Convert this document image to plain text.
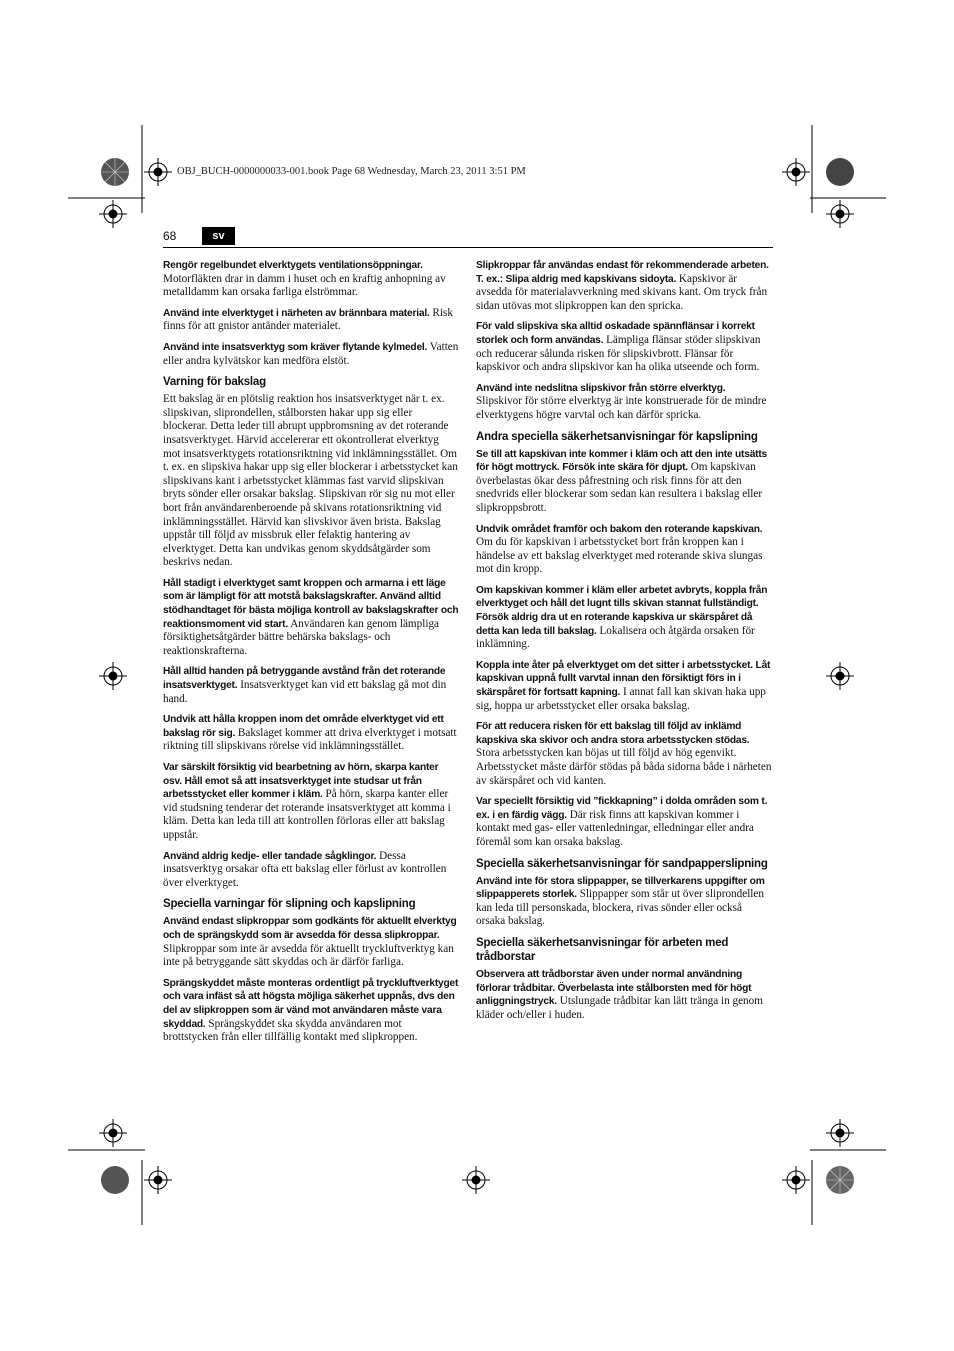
OBJ_BUCH-0000000033-001.book Page 68 Wednesday, March 23, 2011 3:51 PM
68	sv

Rengör regelbundet elverktygets ventilationsöppningar. Motorfläkten drar in damm i huset och en kraftig anhopning av metalldamm kan orsaka farliga elströmmar.

Använd inte elverktyget i närheten av brännbara material. Risk finns för att gnistor antänder materialet.

Använd inte insatsverktyg som kräver flytande kylmedel. Vatten eller andra kylvätskor kan medföra elstöt.

Varning för bakslag

Ett bakslag är en plötslig reaktion hos insatsverktyget när t. ex. slipskivan, sliprondellen, stålborsten hakar upp sig eller blockerar. Detta leder till abrupt uppbromsning av det roterande insatsverktyget. Härvid accelererar ett okontrollerat elverktyg mot insatsverktygets rotationsriktning vid inklämningsstället. Om t. ex. en slipskiva hakar upp sig eller blockerar i arbetsstycket kan slipskivans kant i arbetsstycket klämmas fast varvid slipskivan bryts sönder eller orsakar bakslag. Slipskivan rör sig nu mot eller bort från användarenberoende på skivans rotationsriktning vid inklämningsstället. Härvid kan slivskivor även brista. Bakslag uppstår till följd av missbruk eller felaktig hantering av elverktyget. Detta kan undvikas genom skyddsåtgärder som beskrivs nedan.

Håll stadigt i elverktyget samt kroppen och armarna i ett läge som är lämpligt för att motstå bakslagskrafter. Använd alltid stödhandtaget för bästa möjliga kontroll av bakslagskrafter och reaktionsmoment vid start. Användaren kan genom lämpliga försiktighetsåtgärder bättre behärska bakslags- och reaktionskrafterna.

Håll alltid handen på betryggande avstånd från det roterande insatsverktyget. Insatsverktyget kan vid ett bakslag gå mot din hand.

Undvik att hålla kroppen inom det område elverktyget vid ett bakslag rör sig. Bakslaget kommer att driva elverktyget i motsatt riktning till slipskivans rörelse vid inklämningsstället.

Var särskilt försiktig vid bearbetning av hörn, skarpa kanter osv. Håll emot så att insatsverktyget inte studsar ut från arbetsstycket eller kommer i kläm. På hörn, skarpa kanter eller vid studsning tenderar det roterande insatsverktyget att komma i kläm. Detta kan leda till att kontrollen förloras eller att bakslag uppstår.

Använd aldrig kedje- eller tandade sågklingor. Dessa insatsverktyg orsakar ofta ett bakslag eller förlust av kontrollen över elverktyget.

Speciella varningar för slipning och kapslipning

Använd endast slipkroppar som godkänts för aktuellt elverktyg och de sprängskydd som är avsedda för dessa slipkroppar. Slipkroppar som inte är avsedda för aktuellt tryckluftverktyg kan inte på betryggande sätt skyddas och är därför farliga.

Sprängskyddet måste monteras ordentligt på tryckluftverktyget och vara infäst så att högsta möjliga säkerhet uppnås, dvs den del av slipkroppen som är vänd mot användaren måste vara skyddad. Sprängskyddet ska skydda användaren mot brottstycken från eller tillfällig kontakt med slipkroppen.

Slipkroppar får användas endast för rekommenderade arbeten. T. ex.: Slipa aldrig med kapskivans sidoyta. Kapskivor är avsedda för materialavverkning med skivans kant. Om tryck från sidan utövas mot slipkroppen kan den spricka.

För vald slipskiva ska alltid oskadade spännflänsar i korrekt storlek och form användas. Lämpliga flänsar stöder slipskivan och reducerar sålunda risken för slipskivbrott. Flänsar för kapskivor och andra slipskivor kan ha olika utseende och form.

Använd inte nedslitna slipskivor från större elverktyg. Slipskivor för större elverktyg är inte konstruerade för de mindre elverktygens högre varvtal och kan därför spricka.

Andra speciella säkerhetsanvisningar för kapslipning

Se till att kapskivan inte kommer i kläm och att den inte utsätts för högt mottryck. Försök inte skära för djupt. Om kapskivan överbelastas ökar dess påfrestning och risk finns för att den snedvrids eller blockerar som sedan kan resultera i bakslag eller slipkroppsbrott.

Undvik området framför och bakom den roterande kapskivan. Om du för kapskivan i arbetsstycket bort från kroppen kan i händelse av ett bakslag elverktyget med roterande skiva slungas mot din kropp.

Om kapskivan kommer i kläm eller arbetet avbryts, koppla från elverktyget och håll det lugnt tills skivan stannat fullständigt. Försök aldrig dra ut en roterande kapskiva ur skärspåret då detta kan leda till bakslag. Lokalisera och åtgärda orsaken för inklämning.

Koppla inte åter på elverktyget om det sitter i arbetsstycket. Låt kapskivan uppnå fullt varvtal innan den försiktigt förs in i skärspåret för fortsatt kapning. I annat fall kan skivan haka upp sig, hoppa ur arbetsstycket eller orsaka bakslag.

För att reducera risken för ett bakslag till följd av inklämd kapskiva ska skivor och andra stora arbetsstycken stödas. Stora arbetsstycken kan böjas ut till följd av hög egenvikt. Arbetsstycket måste därför stödas på båda sidorna både i närheten av skärspåret och vid kanten.

Var speciellt försiktig vid ”fickkapning” i dolda områden som t. ex. i en färdig vägg. Där risk finns att kapskivan kommer i kontakt med gas- eller vattenledningar, elledningar eller andra föremål som kan orsaka bakslag.

Speciella säkerhetsanvisningar för sandpapperslipning

Använd inte för stora slippapper, se tillverkarens uppgifter om slippapperets storlek. Slippapper som står ut över sliprondellen kan leda till personskada, blockera, rivas sönder eller också orsaka bakslag.

Speciella säkerhetsanvisningar för arbeten med trådborstar

Observera att trådborstar även under normal användning förlorar trådbitar. Överbelasta inte stålborsten med för högt anliggningstryck. Utslungade trådbitar kan lätt tränga in genom kläder och/eller i huden.
